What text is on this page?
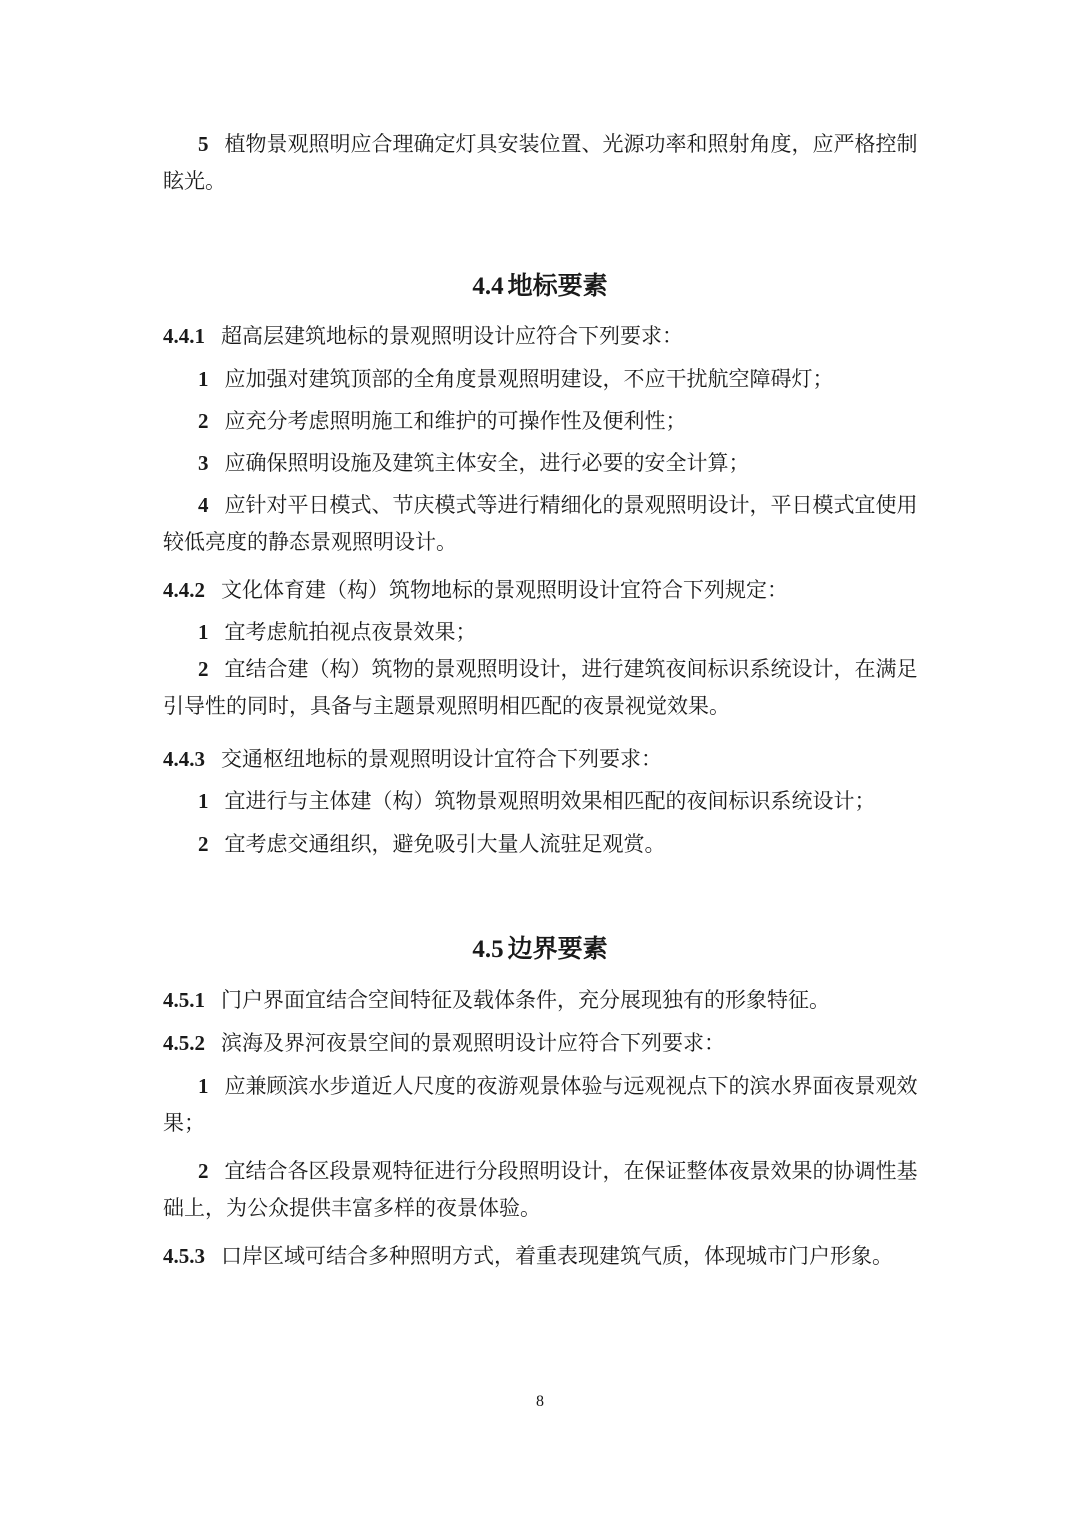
5 植物景观照明应合理确定灯具安装位置、光源功率和照射角度，应严格控制眩光。

4.4 地标要素

4.4.1 超高层建筑地标的景观照明设计应符合下列要求：

1 应加强对建筑顶部的全角度景观照明建设，不应干扰航空障碍灯；

2 应充分考虑照明施工和维护的可操作性及便利性；

3 应确保照明设施及建筑主体安全，进行必要的安全计算；

4 应针对平日模式、节庆模式等进行精细化的景观照明设计，平日模式宜使用较低亮度的静态景观照明设计。

4.4.2 文化体育建（构）筑物地标的景观照明设计宜符合下列规定：

1 宜考虑航拍视点夜景效果；

2 宜结合建（构）筑物的景观照明设计，进行建筑夜间标识系统设计，在满足引导性的同时，具备与主题景观照明相匹配的夜景视觉效果。

4.4.3 交通枢纽地标的景观照明设计宜符合下列要求：

1 宜进行与主体建（构）筑物景观照明效果相匹配的夜间标识系统设计；

2 宜考虑交通组织，避免吸引大量人流驻足观赏。

4.5 边界要素

4.5.1 门户界面宜结合空间特征及载体条件，充分展现独有的形象特征。

4.5.2 滨海及界河夜景空间的景观照明设计应符合下列要求：

1 应兼顾滨水步道近人尺度的夜游观景体验与远观视点下的滨水界面夜景观效果；

2 宜结合各区段景观特征进行分段照明设计，在保证整体夜景效果的协调性基础上，为公众提供丰富多样的夜景体验。

4.5.3 口岸区域可结合多种照明方式，着重表现建筑气质，体现城市门户形象。

8
